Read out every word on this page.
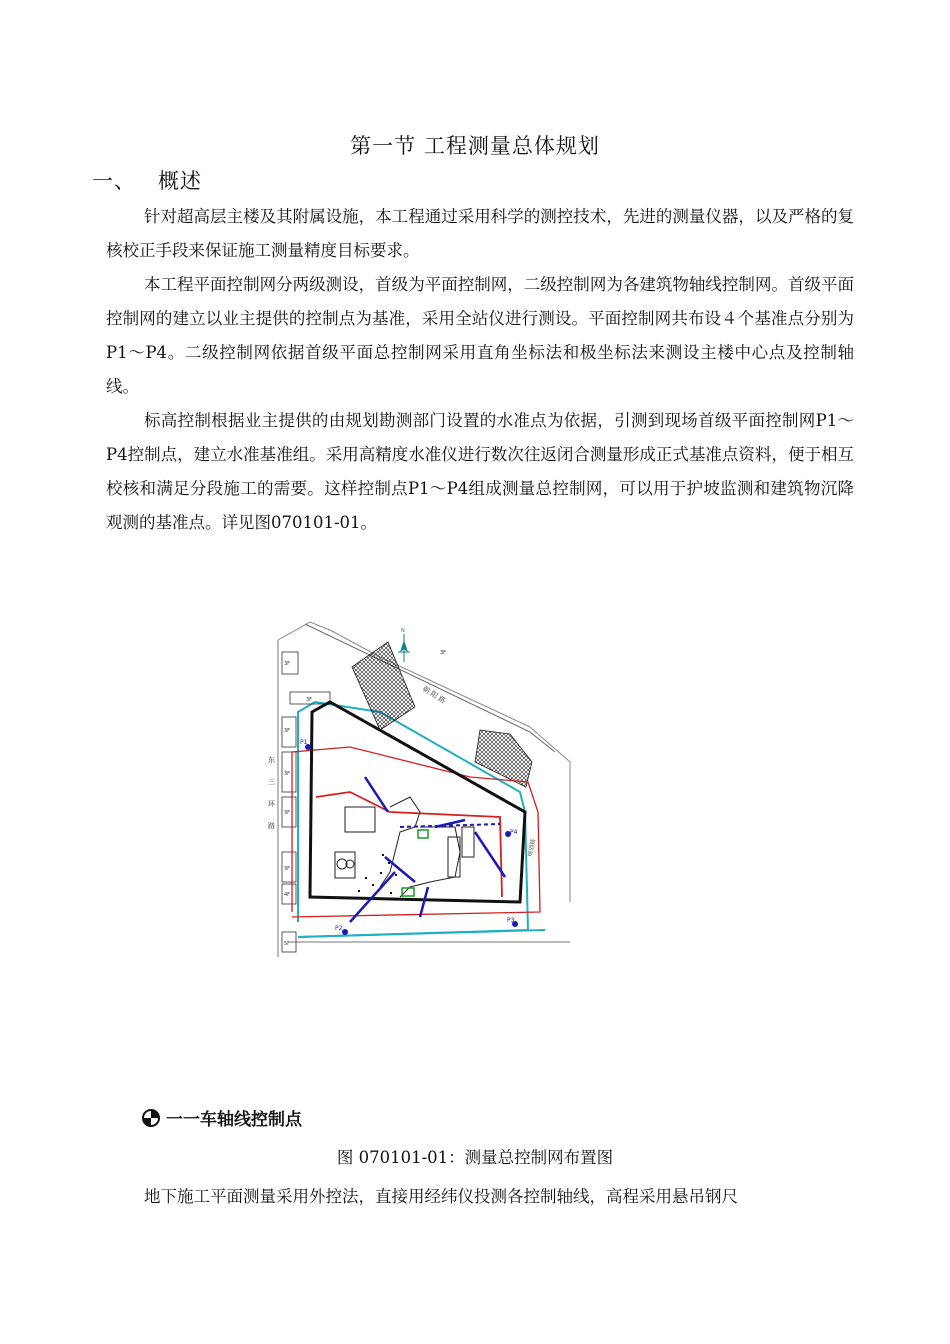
第一节 工程测量总体规划
一、 概述

针对超高层主楼及其附属设施，本工程通过采用科学的测控技术，先进的测量仪器，以及严格的复核校正手段来保证施工测量精度目标要求。

本工程平面控制网分两级测设，首级为平面控制网，二级控制网为各建筑物轴线控制网。首级平面控制网的建立以业主提供的控制点为基准，采用全站仪进行测设。平面控制网共布设４个基准点分别为P1～P4。二级控制网依据首级平面总控制网采用直角坐标法和极坐标法来测设主楼中心点及控制轴线。

标高控制根据业主提供的由规划勘测部门设置的水准点为依据，引测到现场首级平面控制网P1～P4控制点，建立水准基准组。采用高精度水准仪进行数次往返闭合测量形成正式基准点资料，便于相互校核和满足分段施工的需要。这样控制点P1～P4组成测量总控制网，可以用于护坡监测和建筑物沉降观测的基准点。详见图070101-01。

3F
3F
3F
3F
3F
4F
5F
3F
3F
朝 阳 路
东
三
环
路
规划路
N
P1
P4
P2
P3
一一车轴线控制点
图 070101-01：测量总控制网布置图

地下施工平面测量采用外控法，直接用经纬仪投测各控制轴线，高程采用悬吊钢尺
